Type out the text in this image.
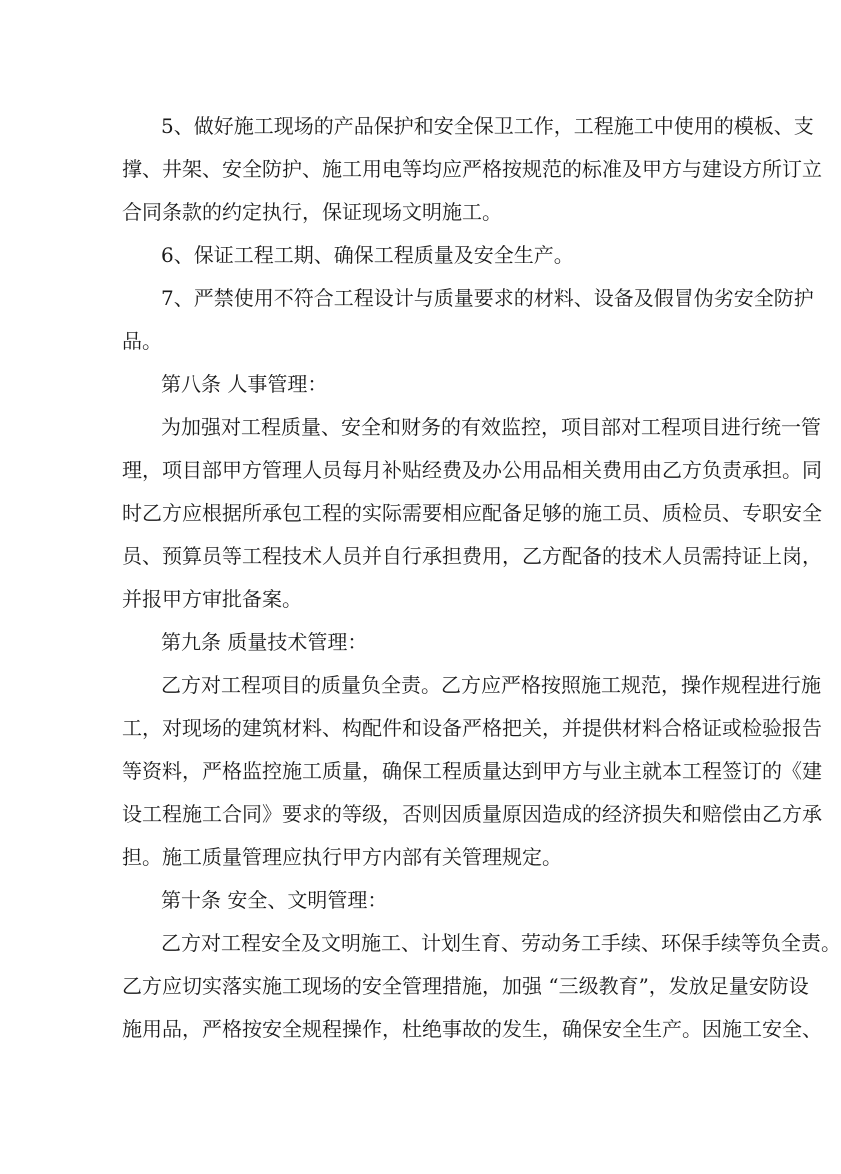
5、做好施工现场的产品保护和安全保卫工作，工程施工中使用的模板、支
撑、井架、安全防护、施工用电等均应严格按规范的标准及甲方与建设方所订立
合同条款的约定执行，保证现场文明施工。
6、保证工程工期、确保工程质量及安全生产。
7、严禁使用不符合工程设计与质量要求的材料、设备及假冒伪劣安全防护
品。
第八条 人事管理：
为加强对工程质量、安全和财务的有效监控，项目部对工程项目进行统一管
理，项目部甲方管理人员每月补贴经费及办公用品相关费用由乙方负责承担。同
时乙方应根据所承包工程的实际需要相应配备足够的施工员、质检员、专职安全
员、预算员等工程技术人员并自行承担费用，乙方配备的技术人员需持证上岗，
并报甲方审批备案。
第九条 质量技术管理：
乙方对工程项目的质量负全责。乙方应严格按照施工规范，操作规程进行施
工，对现场的建筑材料、构配件和设备严格把关，并提供材料合格证或检验报告
等资料，严格监控施工质量，确保工程质量达到甲方与业主就本工程签订的《建
设工程施工合同》要求的等级，否则因质量原因造成的经济损失和赔偿由乙方承
担。施工质量管理应执行甲方内部有关管理规定。
第十条 安全、文明管理：
乙方对工程安全及文明施工、计划生育、劳动务工手续、环保手续等负全责。
乙方应切实落实施工现场的安全管理措施，加强 “三级教育”，发放足量安防设
施用品，严格按安全规程操作，杜绝事故的发生，确保安全生产。因施工安全、
